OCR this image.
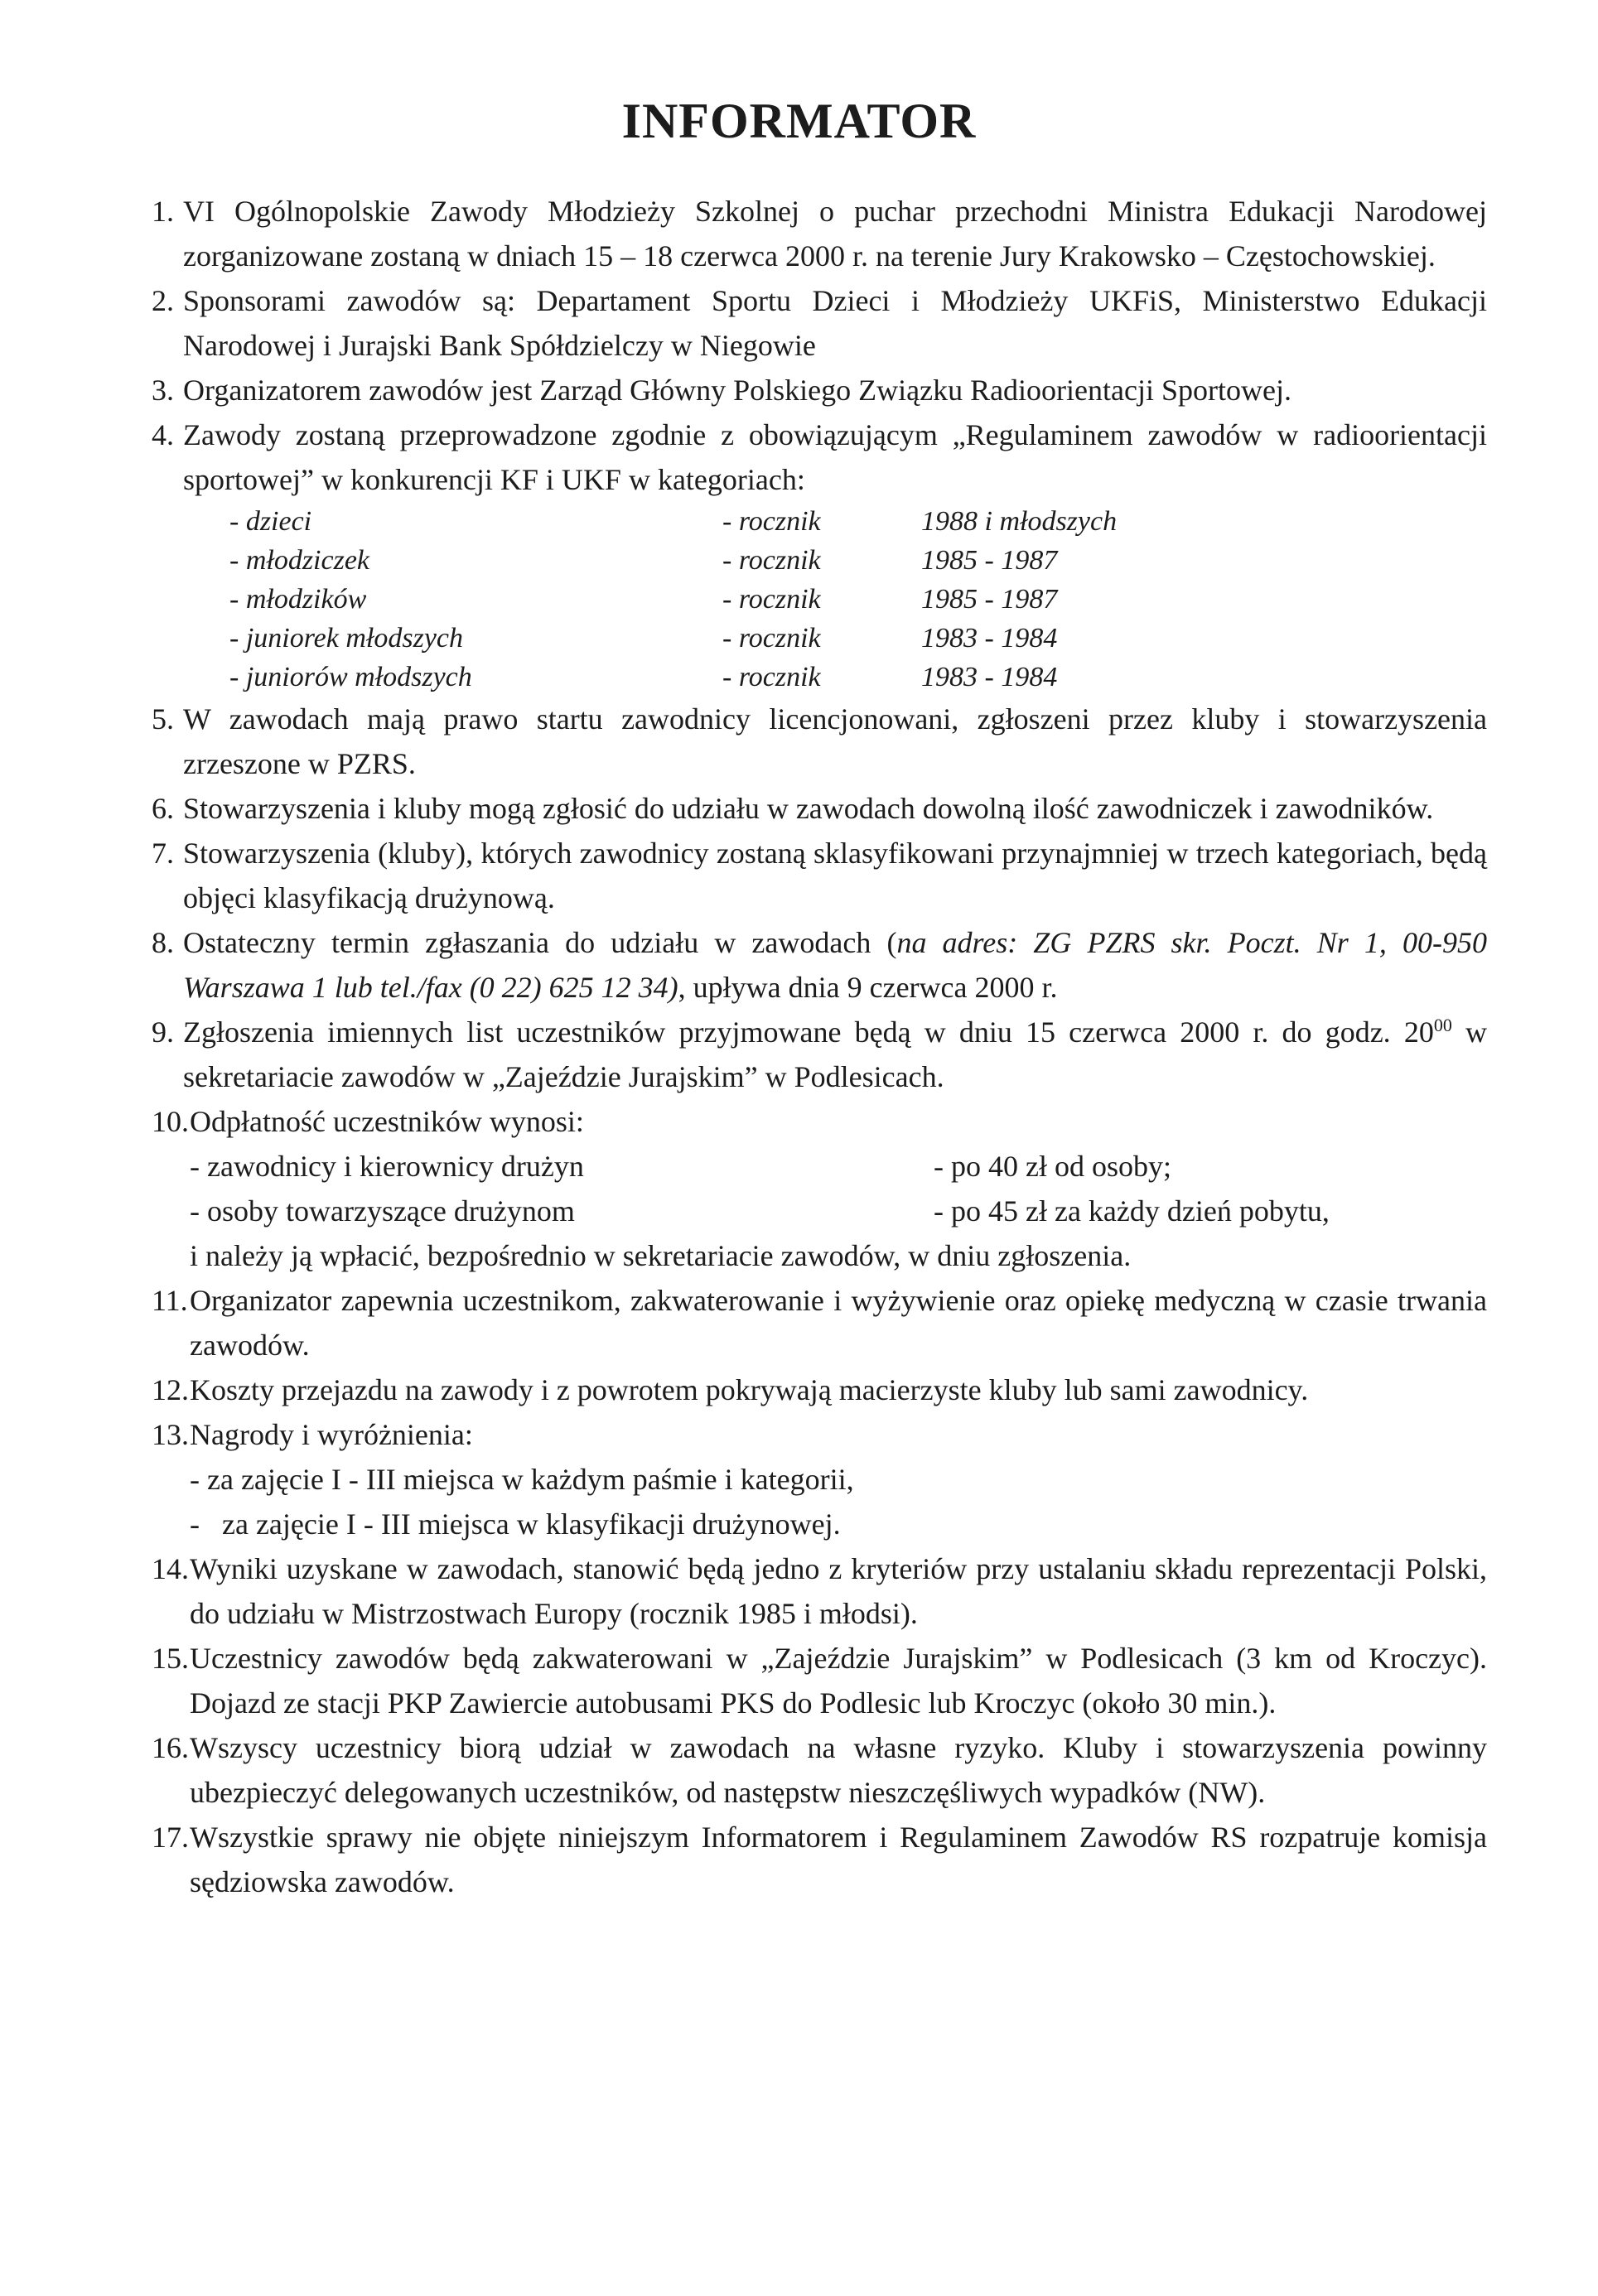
INFORMATOR
1. VI Ogólnopolskie Zawody Młodzieży Szkolnej o puchar przechodni Ministra Edukacji Narodowej zorganizowane zostaną w dniach 15 – 18 czerwca 2000 r. na terenie Jury Krakowsko – Częstochowskiej.
2. Sponsorami zawodów są: Departament Sportu Dzieci i Młodzieży UKFiS, Ministerstwo Edukacji Narodowej i Jurajski Bank Spółdzielczy w Niegowie
3. Organizatorem zawodów jest Zarząd Główny Polskiego Związku Radioorientacji Sportowej.
4. Zawody zostaną przeprowadzone zgodnie z obowiązującym „Regulaminem zawodów w radioorientacji sportowej” w konkurencji KF i UKF w kategoriach:
- dzieci	- rocznik	1988 i młodszych
- młodziczek	- rocznik	1985 - 1987
- młodzików	- rocznik	1985 - 1987
- juniorek młodszych	- rocznik	1983 - 1984
- juniorów młodszych	- rocznik	1983 - 1984
5. W zawodach mają prawo startu zawodnicy licencjonowani, zgłoszeni przez kluby i stowarzyszenia zrzeszone w PZRS.
6. Stowarzyszenia i kluby mogą zgłosić do udziału w zawodach dowolną ilość zawodniczek i zawodników.
7. Stowarzyszenia (kluby), których zawodnicy zostaną sklasyfikowani przynajmniej w trzech kategoriach, będą objęci klasyfikacją drużynową.
8. Ostateczny termin zgłaszania do udziału w zawodach (na adres: ZG PZRS skr. Poczt. Nr 1, 00-950 Warszawa 1 lub tel./fax (0 22) 625 12 34), upływa dnia 9 czerwca 2000 r.
9. Zgłoszenia imiennych list uczestników przyjmowane będą w dniu 15 czerwca 2000 r. do godz. $20^{00}$ w sekretariacie zawodów w „Zajeździe Jurajskim” w Podlesicach.
10. Odpłatność uczestników wynosi:
- zawodnicy i kierownicy drużyn	- po 40 zł od osoby;
- osoby towarzyszące drużynom	- po 45 zł za każdy dzień pobytu,
i należy ją wpłacić, bezpośrednio w sekretariacie zawodów, w dniu zgłoszenia.
11. Organizator zapewnia uczestnikom, zakwaterowanie i wyżywienie oraz opiekę medyczną w czasie trwania zawodów.
12. Koszty przejazdu na zawody i z powrotem pokrywają macierzyste kluby lub sami zawodnicy.
13. Nagrody i wyróżnienia:
- za zajęcie I - III miejsca w każdym paśmie i kategorii,
-   za zajęcie I - III miejsca w klasyfikacji drużynowej.
14. Wyniki uzyskane w zawodach, stanowić będą jedno z kryteriów przy ustalaniu składu reprezentacji Polski, do udziału w Mistrzostwach Europy (rocznik 1985 i młodsi).
15. Uczestnicy zawodów będą zakwaterowani w „Zajeździe Jurajskim” w Podlesicach (3 km od Kroczyc). Dojazd ze stacji PKP Zawiercie autobusami PKS do Podlesic lub Kroczyc (około 30 min.).
16. Wszyscy uczestnicy biorą udział w zawodach na własne ryzyko. Kluby i stowarzyszenia powinny ubezpieczyć delegowanych uczestników, od następstw nieszczęśliwych wypadków (NW).
17. Wszystkie sprawy nie objęte niniejszym Informatorem i Regulaminem Zawodów RS rozpatruje komisja sędziowska zawodów.
